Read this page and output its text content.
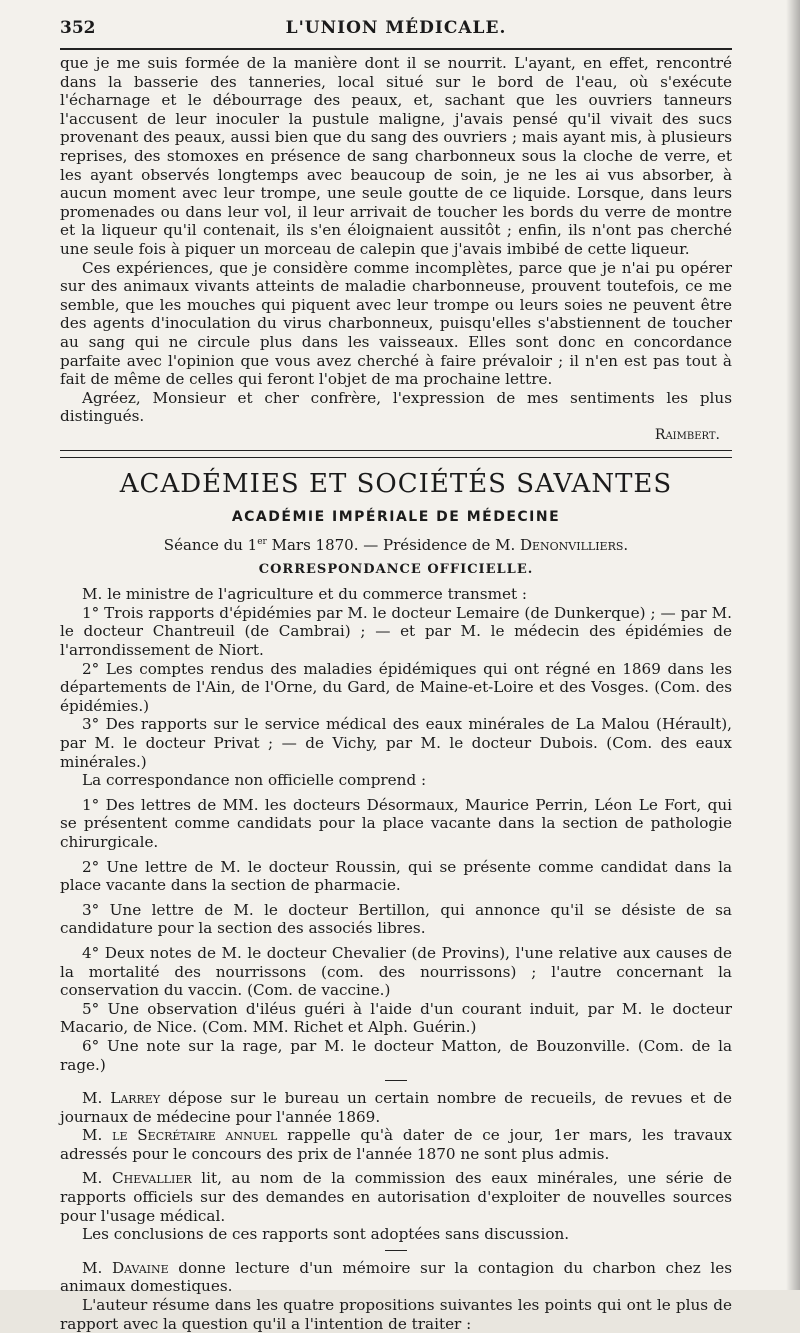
352	L'UNION MÉDICALE.

que je me suis formée de la manière dont il se nourrit. L'ayant, en effet, rencontré dans la basserie des tanneries, local situé sur le bord de l'eau, où s'exécute l'écharnage et le débourrage des peaux, et, sachant que les ouvriers tanneurs l'accusent de leur inoculer la pustule maligne, j'avais pensé qu'il vivait des sucs provenant des peaux, aussi bien que du sang des ouvriers ; mais ayant mis, à plusieurs reprises, des stomoxes en présence de sang charbonneux sous la cloche de verre, et les ayant observés longtemps avec beaucoup de soin, je ne les ai vus absorber, à aucun moment avec leur trompe, une seule goutte de ce liquide. Lorsque, dans leurs promenades ou dans leur vol, il leur arrivait de toucher les bords du verre de montre et la liqueur qu'il contenait, ils s'en éloignaient aussitôt ; enfin, ils n'ont pas cherché une seule fois à piquer un morceau de calepin que j'avais imbibé de cette liqueur.

Ces expériences, que je considère comme incomplètes, parce que je n'ai pu opérer sur des animaux vivants atteints de maladie charbonneuse, prouvent toutefois, ce me semble, que les mouches qui piquent avec leur trompe ou leurs soies ne peuvent être des agents d'inoculation du virus charbonneux, puisqu'elles s'abstiennent de toucher au sang qui ne circule plus dans les vaisseaux. Elles sont donc en concordance parfaite avec l'opinion que vous avez cherché à faire prévaloir ; il n'en est pas tout à fait de même de celles qui feront l'objet de ma prochaine lettre.

Agréez, Monsieur et cher confrère, l'expression de mes sentiments les plus distingués.

Raimbert.

ACADÉMIES ET SOCIÉTÉS SAVANTES
ACADÉMIE IMPÉRIALE DE MÉDECINE
Séance du 1er Mars 1870. — Présidence de M. Denonvilliers.
CORRESPONDANCE OFFICIELLE.

M. le ministre de l'agriculture et du commerce transmet :

1° Trois rapports d'épidémies par M. le docteur Lemaire (de Dunkerque) ; — par M. le docteur Chantreuil (de Cambrai) ; — et par M. le médecin des épidémies de l'arrondissement de Niort.

2° Les comptes rendus des maladies épidémiques qui ont régné en 1869 dans les départements de l'Ain, de l'Orne, du Gard, de Maine-et-Loire et des Vosges. (Com. des épidémies.)

3° Des rapports sur le service médical des eaux minérales de La Malou (Hérault), par M. le docteur Privat ; — de Vichy, par M. le docteur Dubois. (Com. des eaux minérales.)

La correspondance non officielle comprend :

1° Des lettres de MM. les docteurs Désormaux, Maurice Perrin, Léon Le Fort, qui se présentent comme candidats pour la place vacante dans la section de pathologie chirurgicale.

2° Une lettre de M. le docteur Roussin, qui se présente comme candidat dans la place vacante dans la section de pharmacie.

3° Une lettre de M. le docteur Bertillon, qui annonce qu'il se désiste de sa candidature pour la section des associés libres.

4° Deux notes de M. le docteur Chevalier (de Provins), l'une relative aux causes de la mortalité des nourrissons (com. des nourrissons) ; l'autre concernant la conservation du vaccin. (Com. de vaccine.)

5° Une observation d'iléus guéri à l'aide d'un courant induit, par M. le docteur Macario, de Nice. (Com. MM. Richet et Alph. Guérin.)

6° Une note sur la rage, par M. le docteur Matton, de Bouzonville. (Com. de la rage.)

M. Larrey dépose sur le bureau un certain nombre de recueils, de revues et de journaux de médecine pour l'année 1869.

M. le Secrétaire annuel rappelle qu'à dater de ce jour, 1er mars, les travaux adressés pour le concours des prix de l'année 1870 ne sont plus admis.

M. Chevallier lit, au nom de la commission des eaux minérales, une série de rapports officiels sur des demandes en autorisation d'exploiter de nouvelles sources pour l'usage médical.

Les conclusions de ces rapports sont adoptées sans discussion.

M. Davaine donne lecture d'un mémoire sur la contagion du charbon chez les animaux domestiques.

L'auteur résume dans les quatre propositions suivantes les points qui ont le plus de rapport avec la question qu'il a l'intention de traiter :
